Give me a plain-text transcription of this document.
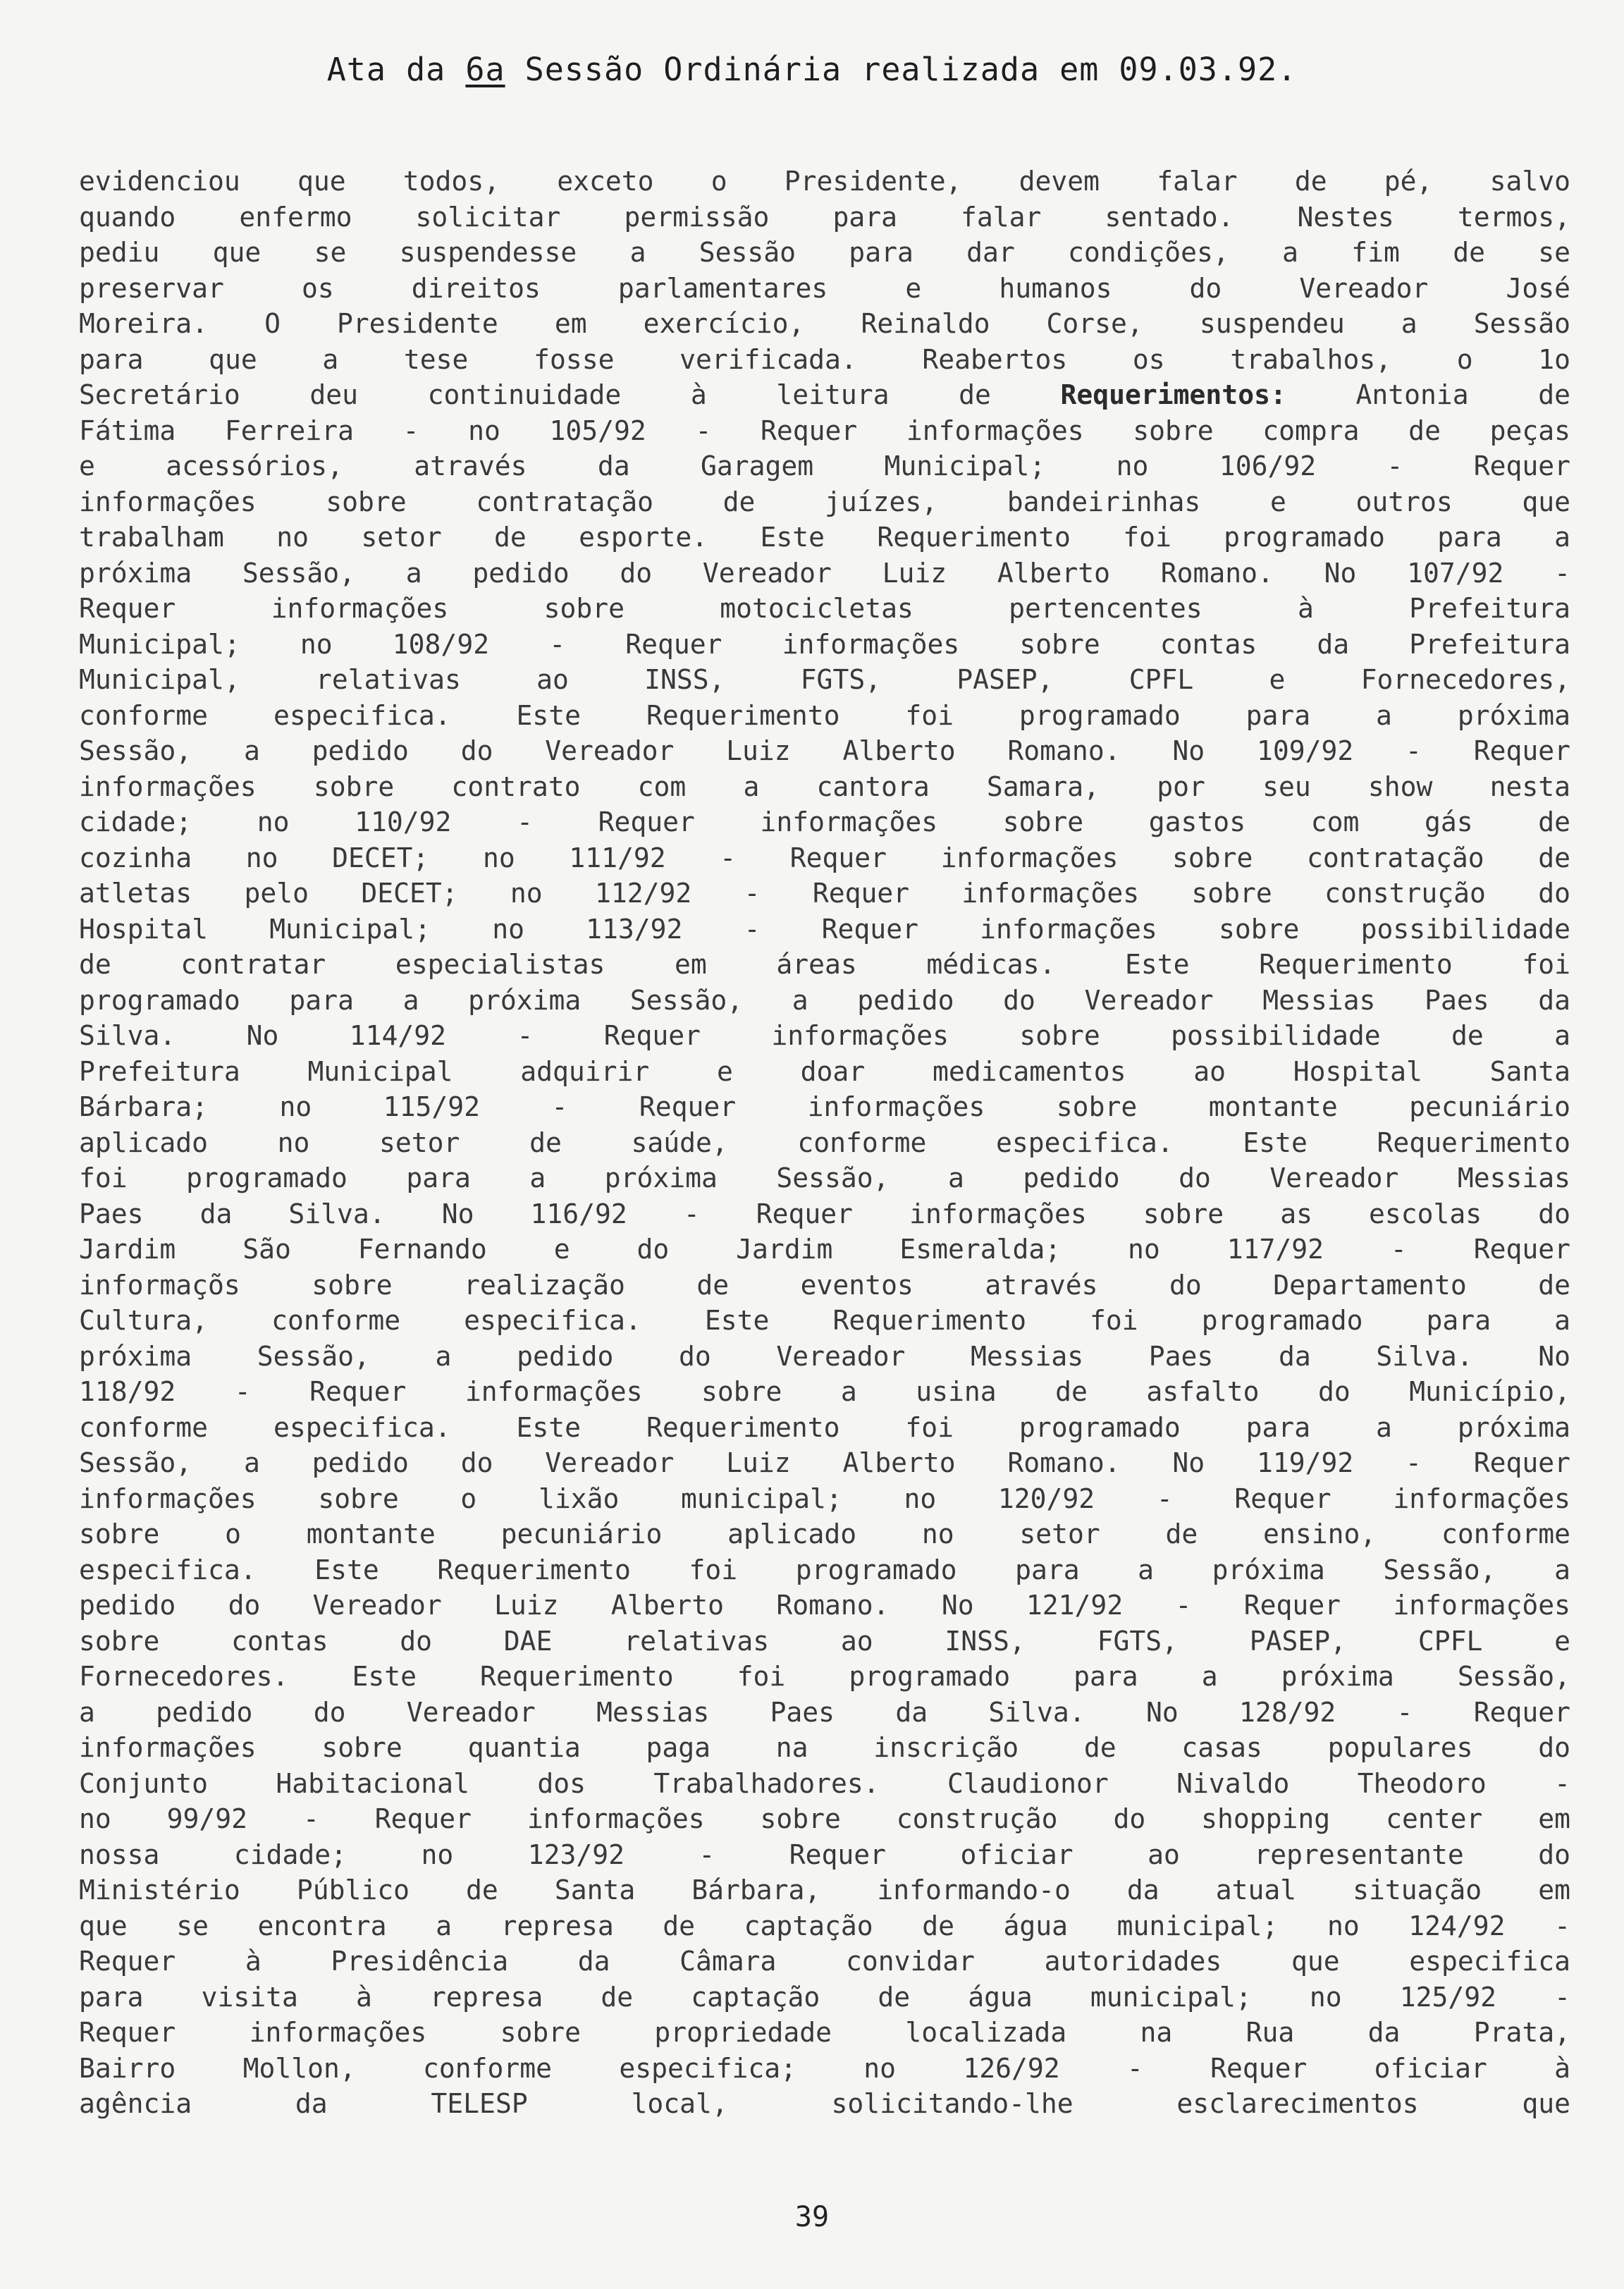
Ata da 6a Sessão Ordinária realizada em 09.03.92.
evidenciou que todos, exceto o Presidente, devem falar de pé, salvo
quando enfermo solicitar permissão para falar sentado. Nestes termos,
pediu que se suspendesse a Sessão para dar condições, a fim de se
preservar os direitos parlamentares e humanos do Vereador José
Moreira. O Presidente em exercício, Reinaldo Corse, suspendeu a Sessão
para que a tese fosse verificada. Reabertos os trabalhos, o 1o
Secretário deu continuidade à leitura de Requerimentos: Antonia de
Fátima Ferreira - no 105/92 - Requer informações sobre compra de peças
e acessórios, através da Garagem Municipal; no 106/92 - Requer
informações sobre contratação de juízes, bandeirinhas e outros que
trabalham no setor de esporte. Este Requerimento foi programado para a
próxima Sessão, a pedido do Vereador Luiz Alberto Romano. No 107/92 -
Requer informações sobre motocicletas pertencentes à Prefeitura
Municipal; no 108/92 - Requer informações sobre contas da Prefeitura
Municipal, relativas ao INSS, FGTS, PASEP, CPFL e Fornecedores,
conforme especifica. Este Requerimento foi programado para a próxima
Sessão, a pedido do Vereador Luiz Alberto Romano. No 109/92 - Requer
informações sobre contrato com a cantora Samara, por seu show nesta
cidade; no 110/92 - Requer informações sobre gastos com gás de
cozinha no DECET; no 111/92 - Requer informações sobre contratação de
atletas pelo DECET; no 112/92 - Requer informações sobre construção do
Hospital Municipal; no 113/92 - Requer informações sobre possibilidade
de contratar especialistas em áreas médicas. Este Requerimento foi
programado para a próxima Sessão, a pedido do Vereador Messias Paes da
Silva. No 114/92 - Requer informações sobre possibilidade de a
Prefeitura Municipal adquirir e doar medicamentos ao Hospital Santa
Bárbara; no 115/92 - Requer informações sobre montante pecuniário
aplicado no setor de saúde, conforme especifica. Este Requerimento
foi programado para a próxima Sessão, a pedido do Vereador Messias
Paes da Silva. No 116/92 - Requer informações sobre as escolas do
Jardim São Fernando e do Jardim Esmeralda; no 117/92 - Requer
informaçõs sobre realização de eventos através do Departamento de
Cultura, conforme especifica. Este Requerimento foi programado para a
próxima Sessão, a pedido do Vereador Messias Paes da Silva. No
118/92 - Requer informações sobre a usina de asfalto do Município,
conforme especifica. Este Requerimento foi programado para a próxima
Sessão, a pedido do Vereador Luiz Alberto Romano. No 119/92 - Requer
informações sobre o lixão municipal; no 120/92 - Requer informações
sobre o montante pecuniário aplicado no setor de ensino, conforme
especifica. Este Requerimento foi programado para a próxima Sessão, a
pedido do Vereador Luiz Alberto Romano. No 121/92 - Requer informações
sobre contas do DAE relativas ao INSS, FGTS, PASEP, CPFL e
Fornecedores. Este Requerimento foi programado para a próxima Sessão,
a pedido do Vereador Messias Paes da Silva. No 128/92 - Requer
informações sobre quantia paga na inscrição de casas populares do
Conjunto Habitacional dos Trabalhadores. Claudionor Nivaldo Theodoro -
no 99/92 - Requer informações sobre construção do shopping center em
nossa cidade; no 123/92 - Requer oficiar ao representante do
Ministério Público de Santa Bárbara, informando-o da atual situação em
que se encontra a represa de captação de água municipal; no 124/92 -
Requer à Presidência da Câmara convidar autoridades que especifica
para visita à represa de captação de água municipal; no 125/92 -
Requer informações sobre propriedade localizada na Rua da Prata,
Bairro Mollon, conforme especifica; no 126/92 - Requer oficiar à
agência da TELESP local, solicitando-lhe esclarecimentos que
39
